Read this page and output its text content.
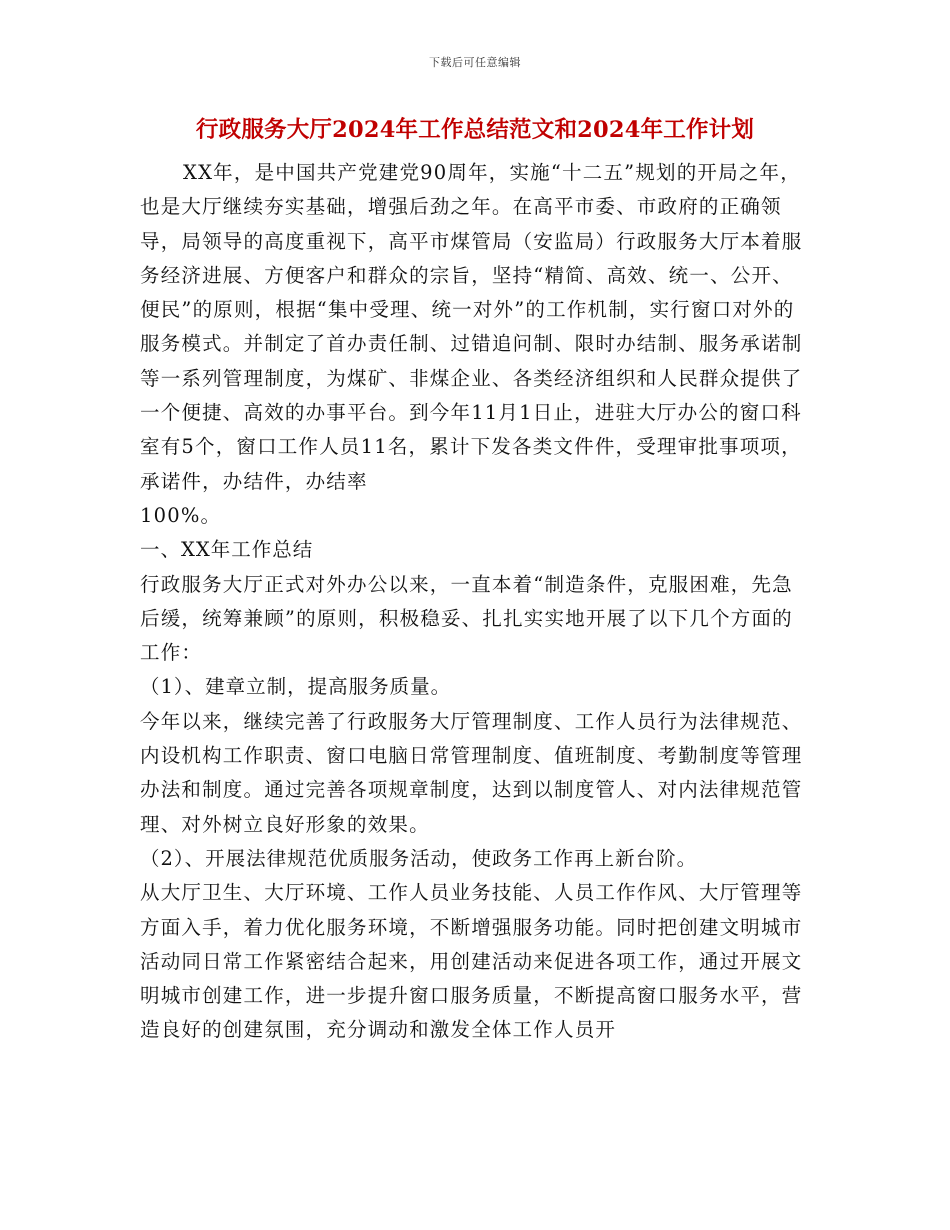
下载后可任意编辑
行政服务大厅2024年工作总结范文和2024年工作计划

XX年，是中国共产党建党90周年，实施“十二五”规划的开局之年，也是大厅继续夯实基础，增强后劲之年。在高平市委、市政府的正确领导，局领导的高度重视下，高平市煤管局（安监局）行政服务大厅本着服务经济进展、方便客户和群众的宗旨，坚持“精简、高效、统一、公开、便民”的原则，根据“集中受理、统一对外”的工作机制，实行窗口对外的服务模式。并制定了首办责任制、过错追问制、限时办结制、服务承诺制等一系列管理制度，为煤矿、非煤企业、各类经济组织和人民群众提供了一个便捷、高效的办事平台。到今年11月1日止，进驻大厅办公的窗口科室有5个，窗口工作人员11名，累计下发各类文件件，受理审批事项项，承诺件，办结件，办结率

100%。

一、XX年工作总结

行政服务大厅正式对外办公以来，一直本着“制造条件，克服困难，先急后缓，统筹兼顾”的原则，积极稳妥、扎扎实实地开展了以下几个方面的工作：

（1）、建章立制，提高服务质量。

今年以来，继续完善了行政服务大厅管理制度、工作人员行为法律规范、内设机构工作职责、窗口电脑日常管理制度、值班制度、考勤制度等管理办法和制度。通过完善各项规章制度，达到以制度管人、对内法律规范管理、对外树立良好形象的效果。

（2）、开展法律规范优质服务活动，使政务工作再上新台阶。

从大厅卫生、大厅环境、工作人员业务技能、人员工作作风、大厅管理等方面入手，着力优化服务环境，不断增强服务功能。同时把创建文明城市活动同日常工作紧密结合起来，用创建活动来促进各项工作，通过开展文明城市创建工作，进一步提升窗口服务质量，不断提高窗口服务水平，营造良好的创建氛围，充分调动和激发全体工作人员开
